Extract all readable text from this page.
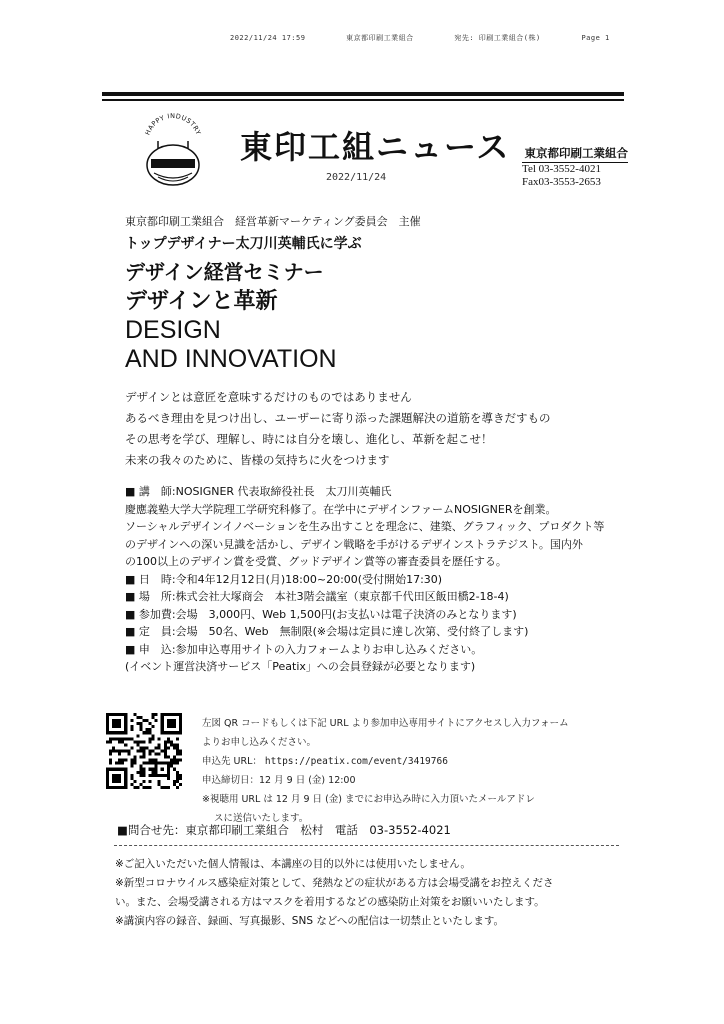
2022/11/24 17:59	東京都印刷工業組合	宛先: 印刷工業組合(株)	Page 1
HAPPY INDUSTRY 東印工組ニュース
2022/11/24
東京都印刷工業組合
Tel 03-3552-4021
Fax03-3553-2653
東京都印刷工業組合　経営革新マーケティング委員会　主催
トップデザイナー太刀川英輔氏に学ぶ
デザイン経営セミナー
デザインと革新
DESIGN
AND INNOVATION
デザインとは意匠を意味するだけのものではありません
あるべき理由を見つけ出し、ユーザーに寄り添った課題解決の道筋を導きだすもの
その思考を学び、理解し、時には自分を壊し、進化し、革新を起こせ！
未来の我々のために、皆様の気持ちに火をつけます
■ 講　師:NOSIGNER 代表取締役社長　太刀川英輔氏
慶應義塾大学大学院理工学研究科修了。在学中にデザインファームNOSIGNERを創業。
ソーシャルデザインイノベーションを生み出すことを理念に、建築、グラフィック、プロダクト等
のデザインへの深い見識を活かし、デザイン戦略を手がけるデザインストラテジスト。国内外
の100以上のデザイン賞を受賞、グッドデザイン賞等の審査委員を歴任する。
■ 日　時:令和4年12月12日(月)18:00~20:00(受付開始17:30)
■ 場　所:株式会社大塚商会　本社3階会議室（東京都千代田区飯田橋2-18-4)
■ 参加費:会場　3,000円、Web 1,500円(お支払いは電子決済のみとなります)
■ 定　員:会場　50名、Web　無制限(※会場は定員に達し次第、受付終了します)
■ 申　込:参加申込専用サイトの入力フォームよりお申し込みください。
(イベント運営決済サービス「Peatix」への会員登録が必要となります)
左図 QR コードもしくは下記 URL より参加申込専用サイトにアクセスし入力フォーム
よりお申し込みください。
申込先 URL： https://peatix.com/event/3419766
申込締切日：12 月 9 日 (金) 12:00
※視聴用 URL は 12 月 9 日 (金) までにお申込み時に入力頂いたメールアドレ
スに送信いたします。
■問合せ先：東京都印刷工業組合　松村　電話　03-3552-4021
※ご記入いただいた個人情報は、本講座の目的以外には使用いたしません。
※新型コロナウイルス感染症対策として、発熱などの症状がある方は会場受講をお控えくださ
い。また、会場受講される方はマスクを着用するなどの感染防止対策をお願いいたします。
※講演内容の録音、録画、写真撮影、SNS などへの配信は一切禁止といたします。
